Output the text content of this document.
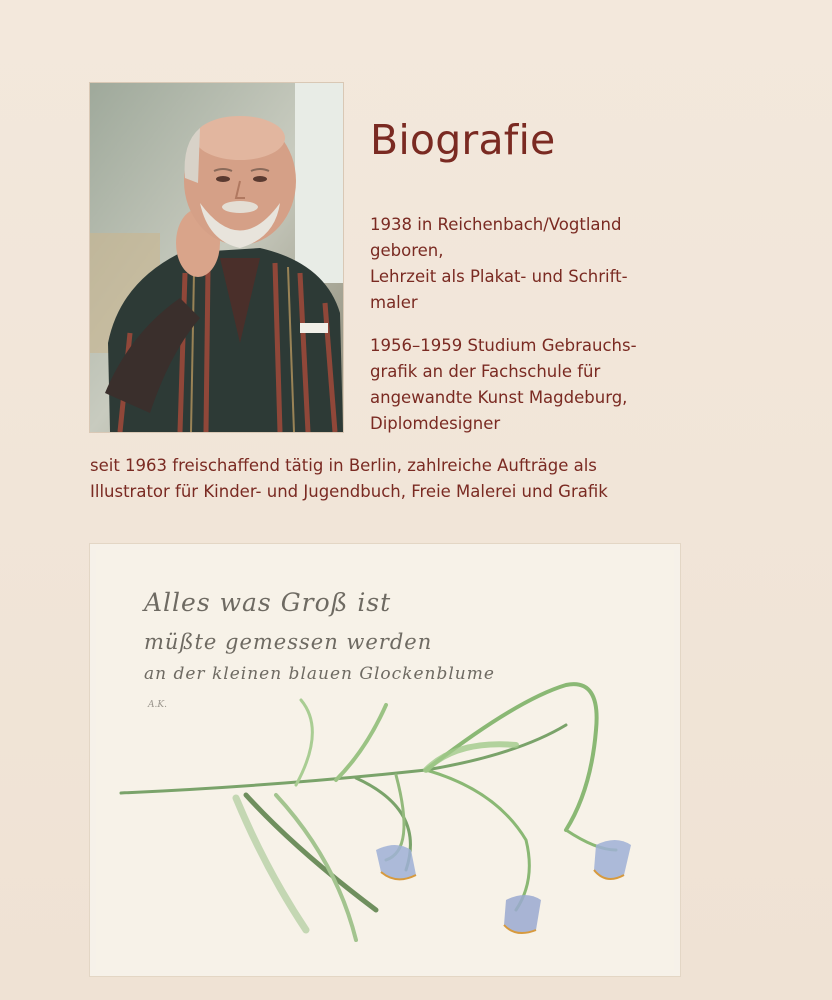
Biografie
1938 in Reichenbach/Vogtland
geboren,
Lehrzeit als Plakat- und Schrift-
maler
1956–1959 Studium Gebrauchs-
grafik an der Fachschule für
angewandte Kunst Magdeburg,
Diplomdesigner
seit 1963 freischaffend tätig in Berlin, zahlreiche Aufträge als
Illustrator für Kinder- und Jugendbuch, Freie Malerei und Grafik
Alles was Groß ist
müßte gemessen werden
an der kleinen blauen Glockenblume
A.K.
